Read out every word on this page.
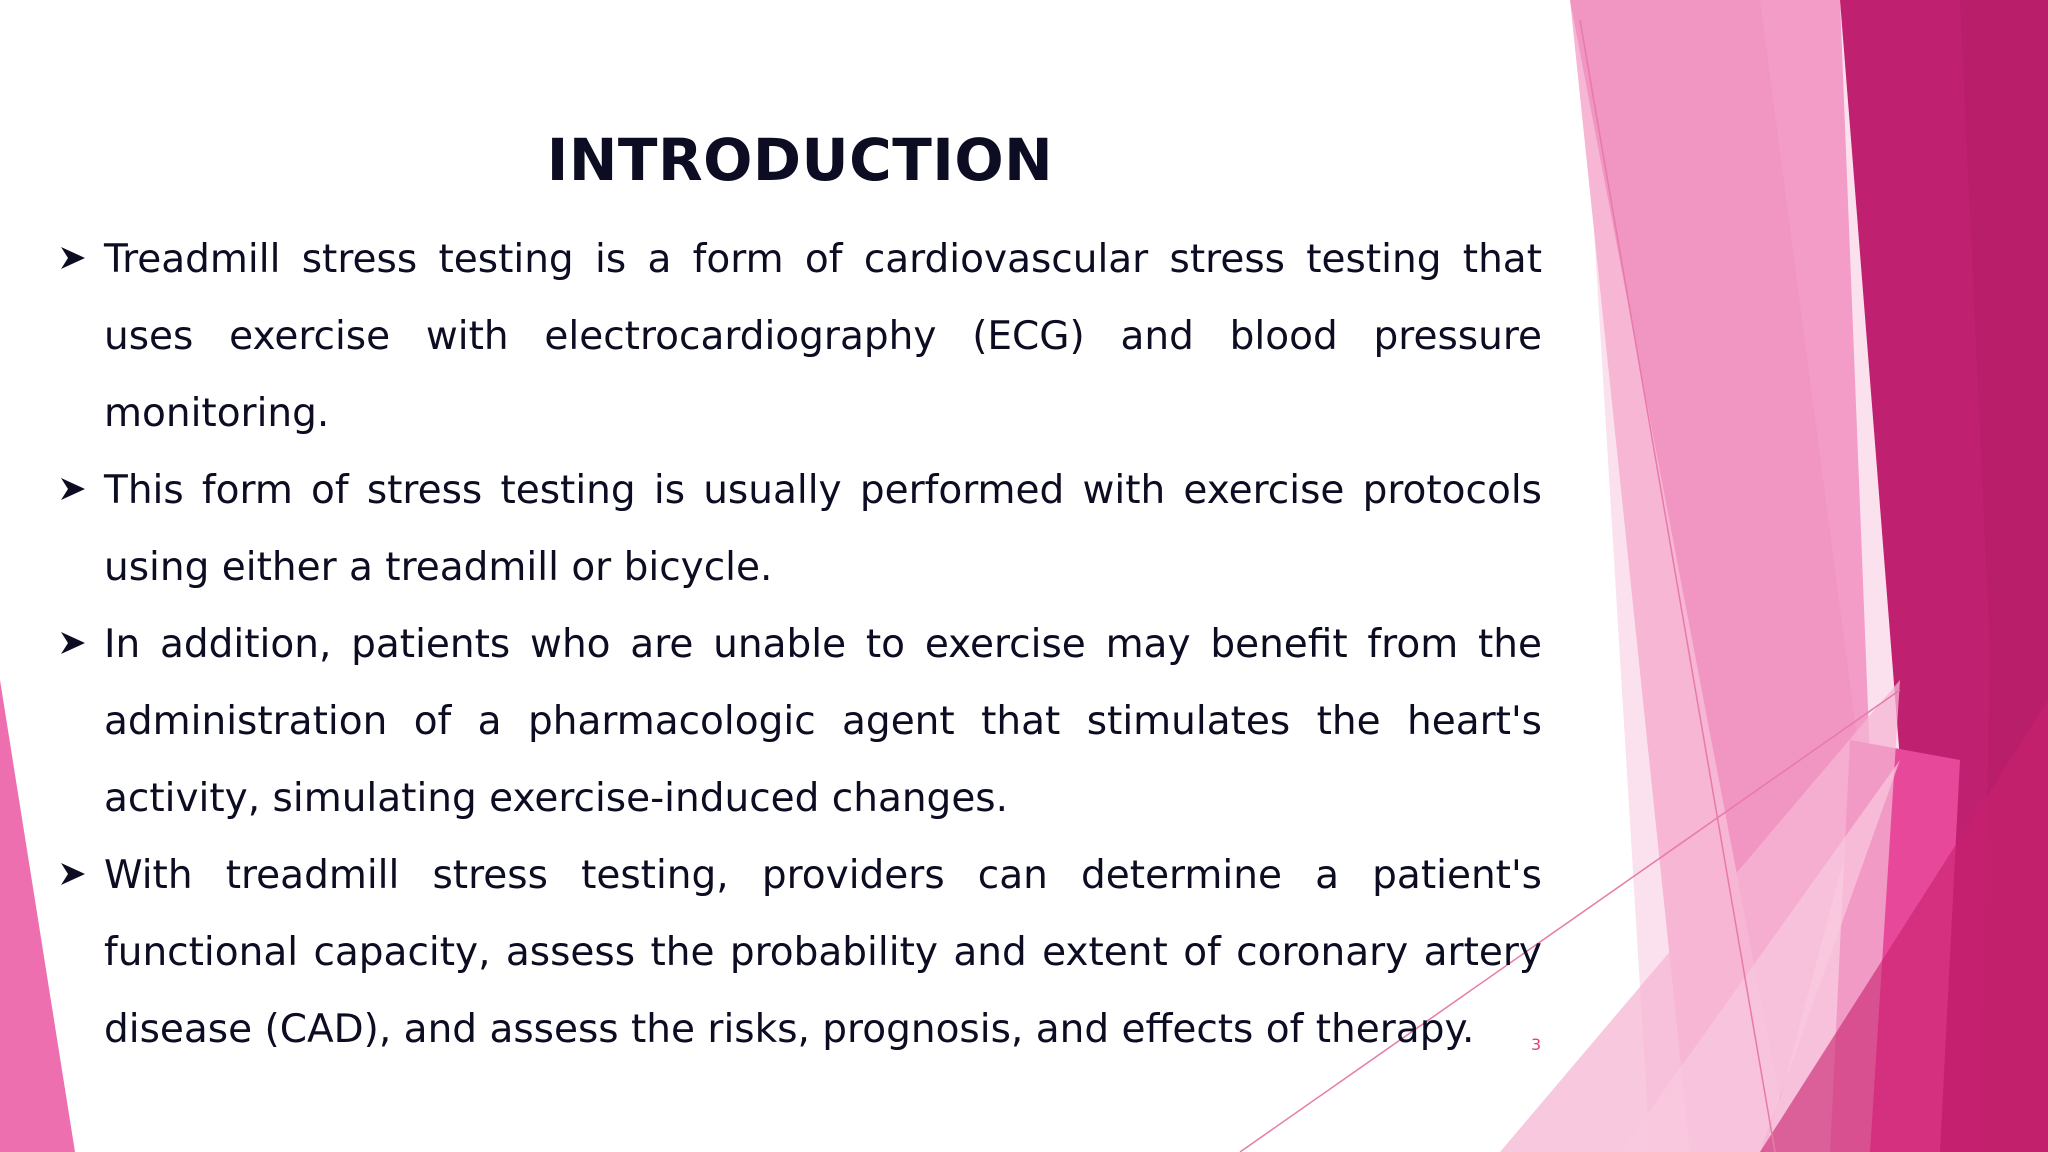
INTRODUCTION
Treadmill stress testing is a form of cardiovascular stress testing that uses exercise with electrocardiography (ECG) and blood pressure monitoring.
This form of stress testing is usually performed with exercise protocols using either a treadmill or bicycle.
In addition, patients who are unable to exercise may benefit from the administration of a pharmacologic agent that stimulates the heart's activity, simulating exercise-induced changes.
With treadmill stress testing, providers can determine a patient's functional capacity, assess the probability and extent of coronary artery disease (CAD), and assess the risks, prognosis, and effects of therapy.	3
